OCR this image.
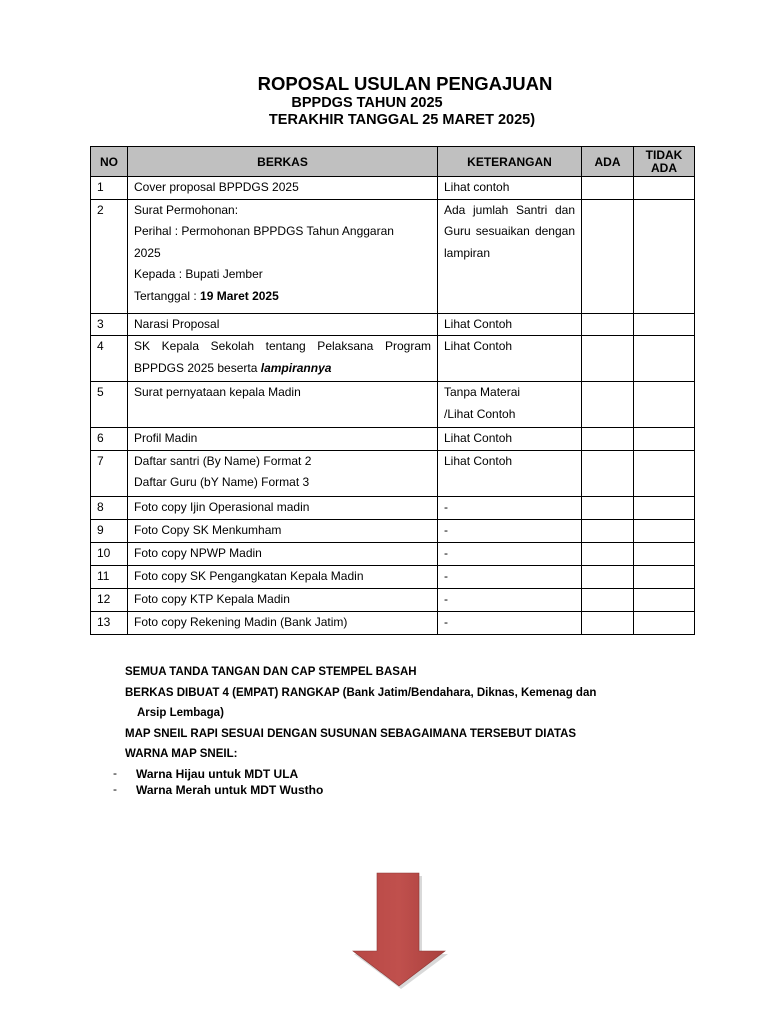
ROPOSAL USULAN PENGAJUAN
BPPDGS TAHUN 2025
TERAKHIR TANGGAL 25 MARET 2025)
NO	BERKAS	KETERANGAN	ADA	TIDAK
ADA

1	Cover proposal BPPDGS 2025	Lihat contoh		
2	Surat Permohonan:
Perihal : Permohonan BPPDGS Tahun Anggaran
2025
Kepada : Bupati Jember
Tertanggal : 19 Maret 2025	Ada jumlah Santri dan Guru sesuaikan dengan lampiran		
3	Narasi Proposal	Lihat Contoh		
4	SK Kepala Sekolah tentang Pelaksana Program BPPDGS 2025 beserta lampirannya	Lihat Contoh		
5	Surat pernyataan kepala Madin	Tanpa Materai
/Lihat Contoh		

6	Profil Madin	Lihat Contoh		
7	Daftar santri (By Name) Format 2
Daftar Guru (bY Name) Format 3	Lihat Contoh		
8	Foto copy Ijin Operasional madin	-		
9	Foto Copy SK Menkumham	-		
10	Foto copy NPWP Madin	-		
11	Foto copy SK Pengangkatan Kepala Madin	-		
12	Foto copy KTP Kepala Madin	-		
13	Foto copy Rekening Madin (Bank Jatim)	-		
SEMUA TANDA TANGAN DAN CAP STEMPEL BASAH
BERKAS DIBUAT 4 (EMPAT) RANGKAP (Bank Jatim/Bendahara, Diknas, Kemenag dan
Arsip Lembaga)
MAP SNEIL RAPI SESUAI DENGAN SUSUNAN SEBAGAIMANA TERSEBUT DIATAS
WARNA MAP SNEIL:
- Warna Hijau untuk MDT ULA
- Warna Merah untuk MDT Wustho
